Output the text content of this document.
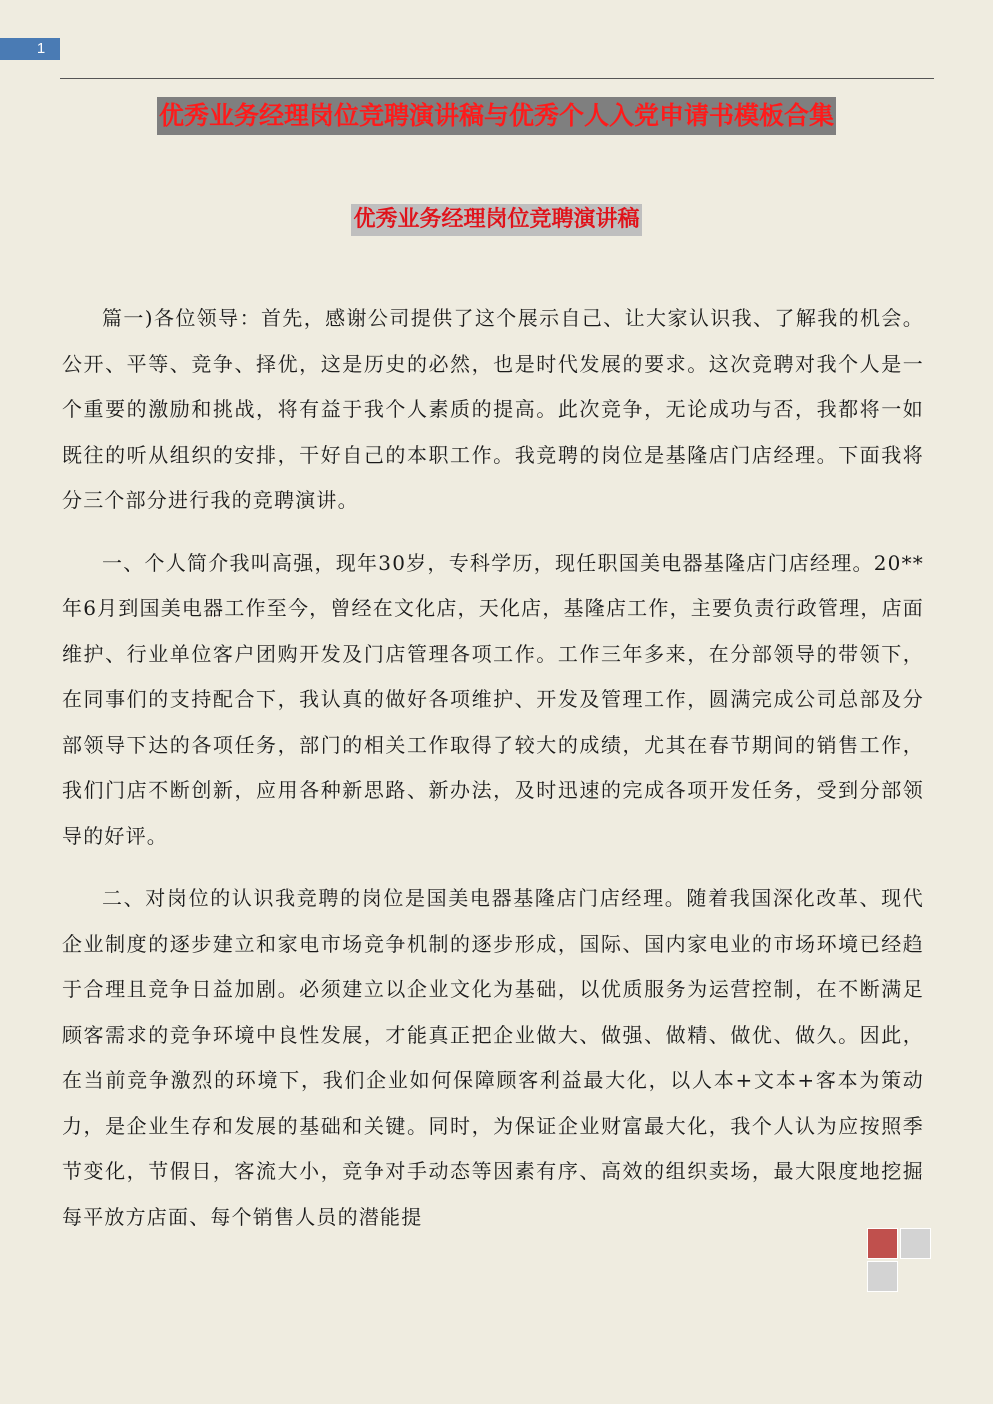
1
优秀业务经理岗位竞聘演讲稿与优秀个人入党申请书模板合集
优秀业务经理岗位竞聘演讲稿

篇一)各位领导：首先，感谢公司提供了这个展示自己、让大家认识我、了解我的机会。公开、平等、竞争、择优，这是历史的必然，也是时代发展的要求。这次竞聘对我个人是一个重要的激励和挑战，将有益于我个人素质的提高。此次竞争，无论成功与否，我都将一如既往的听从组织的安排，干好自己的本职工作。我竞聘的岗位是基隆店门店经理。下面我将分三个部分进行我的竞聘演讲。

一、个人简介我叫高强，现年30岁，专科学历，现任职国美电器基隆店门店经理。20**年6月到国美电器工作至今，曾经在文化店，天化店，基隆店工作，主要负责行政管理，店面维护、行业单位客户团购开发及门店管理各项工作。工作三年多来，在分部领导的带领下，在同事们的支持配合下，我认真的做好各项维护、开发及管理工作，圆满完成公司总部及分部领导下达的各项任务，部门的相关工作取得了较大的成绩，尤其在春节期间的销售工作，我们门店不断创新，应用各种新思路、新办法，及时迅速的完成各项开发任务，受到分部领导的好评。

二、对岗位的认识我竞聘的岗位是国美电器基隆店门店经理。随着我国深化改革、现代企业制度的逐步建立和家电市场竞争机制的逐步形成，国际、国内家电业的市场环境已经趋于合理且竞争日益加剧。必须建立以企业文化为基础，以优质服务为运营控制，在不断满足顾客需求的竞争环境中良性发展，才能真正把企业做大、做强、做精、做优、做久。因此，在当前竞争激烈的环境下，我们企业如何保障顾客利益最大化，以人本+文本+客本为策动力，是企业生存和发展的基础和关键。同时，为保证企业财富最大化，我个人认为应按照季节变化，节假日，客流大小，竞争对手动态等因素有序、高效的组织卖场，最大限度地挖掘每平放方店面、每个销售人员的潜能提
